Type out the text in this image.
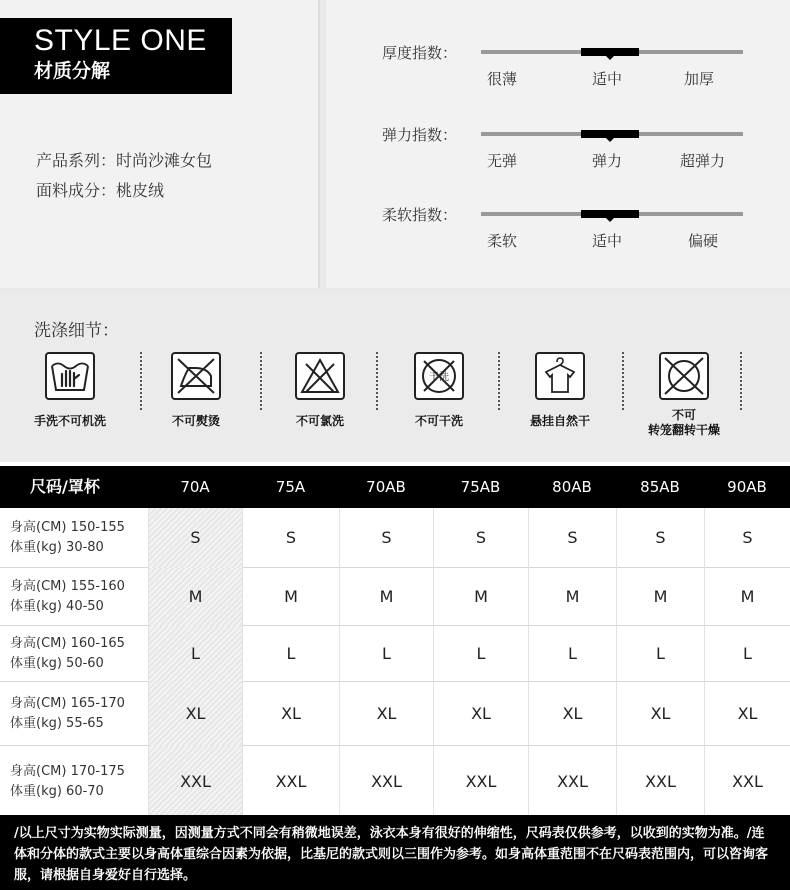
STYLE ONE
材质分解
产品系列：时尚沙滩女包
面料成分：桃皮绒
厚度指数：
很薄	适中	加厚
弹力指数：
无弹	弹力	超弹力
柔软指数：
柔软	适中	偏硬
洗涤细节：
手洗不可机洗	不可熨烫	不可氯洗
干洗
不可干洗	悬挂自然干	不可
转笼翻转干燥
尺码/罩杯	70A	75A	70AB	75AB	80AB	85AB	90AB
身高(CM) 150-155
体重(kg) 30-80
S	S	S	S	S	S	S
身高(CM) 155-160
体重(kg) 40-50
M	M	M	M	M	M	M
身高(CM) 160-165
体重(kg) 50-60
L	L	L	L	L	L	L
身高(CM) 165-170
体重(kg) 55-65
XL	XL	XL	XL	XL	XL	XL
身高(CM) 170-175
体重(kg) 60-70
XXL	XXL	XXL	XXL	XXL	XXL	XXL
/以上尺寸为实物实际测量，因测量方式不同会有稍微地误差，泳衣本身有很好的伸缩性，尺码表仅供参考，以收到的实物为准。/连体和分体的款式主要以身高体重综合因素为依据，比基尼的款式则以三围作为参考。如身高体重范围不在尺码表范围内，可以咨询客服，请根据自身爱好自行选择。
